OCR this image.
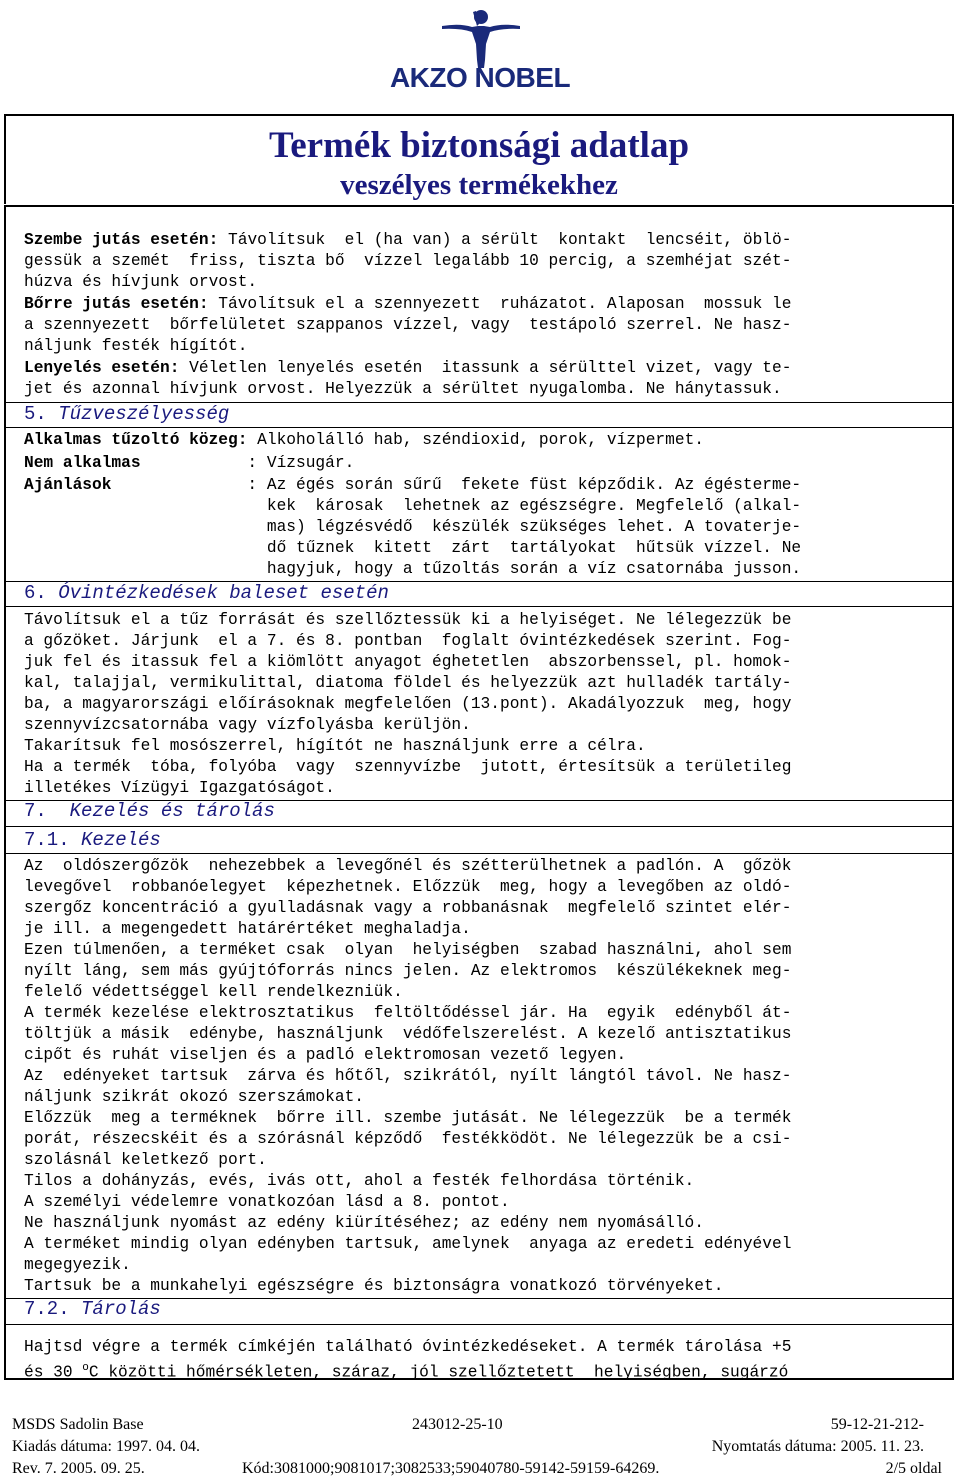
AKZO NOBEL
Termék biztonsági adatlap
veszélyes termékekhez
Szembe jutás esetén: Távolítsuk  el (ha van) a sérült  kontakt  lencséit, öblö-
gessük a szemét  friss, tiszta bő  vízzel legalább 10 percig, a szemhéjat szét-
húzva és hívjunk orvost.
Bőrre jutás esetén: Távolítsuk el a szennyezett  ruházatot. Alaposan  mossuk le
a szennyezett  bőrfelületet szappanos vízzel, vagy  testápoló szerrel. Ne hasz-
náljunk festék hígítót.
Lenyelés esetén: Véletlen lenyelés esetén  itassunk a sérülttel vizet, vagy te-
jet és azonnal hívjunk orvost. Helyezzük a sérültet nyugalomba. Ne hánytassuk.
5. Tűzveszélyesség
Alkalmas tűzoltó közeg: Alkoholálló hab, széndioxid, porok, vízpermet.
Nem alkalmas           : Vízsugár.
Ajánlások              : Az égés során sűrű  fekete füst képződik. Az égésterme-
kek  károsak  lehetnek az egészségre. Megfelelő (alkal-
mas) légzésvédő  készülék szükséges lehet. A tovaterje-
dő tűznek  kitett  zárt  tartályokat  hűtsük vízzel. Ne
hagyjuk, hogy a tűzoltás során a víz csatornába jusson.
6. Óvintézkedések baleset esetén
Távolítsuk el a tűz forrását és szellőztessük ki a helyiséget. Ne lélegezzük be
a gőzöket. Járjunk  el a 7. és 8. pontban  foglalt óvintézkedések szerint. Fog-
juk fel és itassuk fel a kiömlött anyagot éghetetlen  abszorbenssel, pl. homok-
kal, talajjal, vermikulittal, diatoma földel és helyezzük azt hulladék tartály-
ba, a magyarországi előírásoknak megfelelően (13.pont). Akadályozzuk  meg, hogy
szennyvízcsatornába vagy vízfolyásba kerüljön.
Takarítsuk fel mosószerrel, hígítót ne használjunk erre a célra.
Ha a termék  tóba, folyóba  vagy  szennyvízbe  jutott, értesítsük a területileg
illetékes Vízügyi Igazgatóságot.
7. Kezelés és tárolás
7.1. Kezelés
Az  oldószergőzök  nehezebbek a levegőnél és szétterülhetnek a padlón. A  gőzök
levegővel  robbanóelegyet  képezhetnek. Előzzük  meg, hogy a levegőben az oldó-
szergőz koncentráció a gyulladásnak vagy a robbanásnak  megfelelő szintet elér-
je ill. a megengedett határértéket meghaladja.
Ezen túlmenően, a terméket csak  olyan  helyiségben  szabad használni, ahol sem
nyílt láng, sem más gyújtóforrás nincs jelen. Az elektromos  készülékeknek meg-
felelő védettséggel kell rendelkezniük.
A termék kezelése elektrosztatikus  feltöltődéssel jár. Ha  egyik  edényből át-
töltjük a másik  edénybe, használjunk  védőfelszerelést. A kezelő antisztatikus
cipőt és ruhát viseljen és a padló elektromosan vezető legyen.
Az  edényeket tartsuk  zárva és hőtől, szikrától, nyílt lángtól távol. Ne hasz-
náljunk szikrát okozó szerszámokat.
Előzzük  meg a terméknek  bőrre ill. szembe jutását. Ne lélegezzük  be a termék
porát, részecskéit és a szórásnál képződő  festékködöt. Ne lélegezzük be a csi-
szolásnál keletkező port.
Tilos a dohányzás, evés, ivás ott, ahol a festék felhordása történik.
A személyi védelemre vonatkozóan lásd a 8. pontot.
Ne használjunk nyomást az edény kiürítéséhez; az edény nem nyomásálló.
A terméket mindig olyan edényben tartsuk, amelynek  anyaga az eredeti edényével
megegyezik.
Tartsuk be a munkahelyi egészségre és biztonságra vonatkozó törvényeket.
7.2. Tárolás
Hajtsd végre a termék címkéjén található óvintézkedéseket. A termék tárolása +5
és 30 $^o$C közötti hőmérsékleten, száraz, jól szellőztetett  helyiségben, sugárzó
MSDS Sadolin Base	243012-25-10	59-12-21-212-
Kiadás dátuma: 1997. 04. 04.	Nyomtatás dátuma: 2005. 11. 23.
Rev. 7. 2005. 09. 25.	Kód:3081000;9081017;3082533;59040780-59142-59159-64269.	2/5 oldal
